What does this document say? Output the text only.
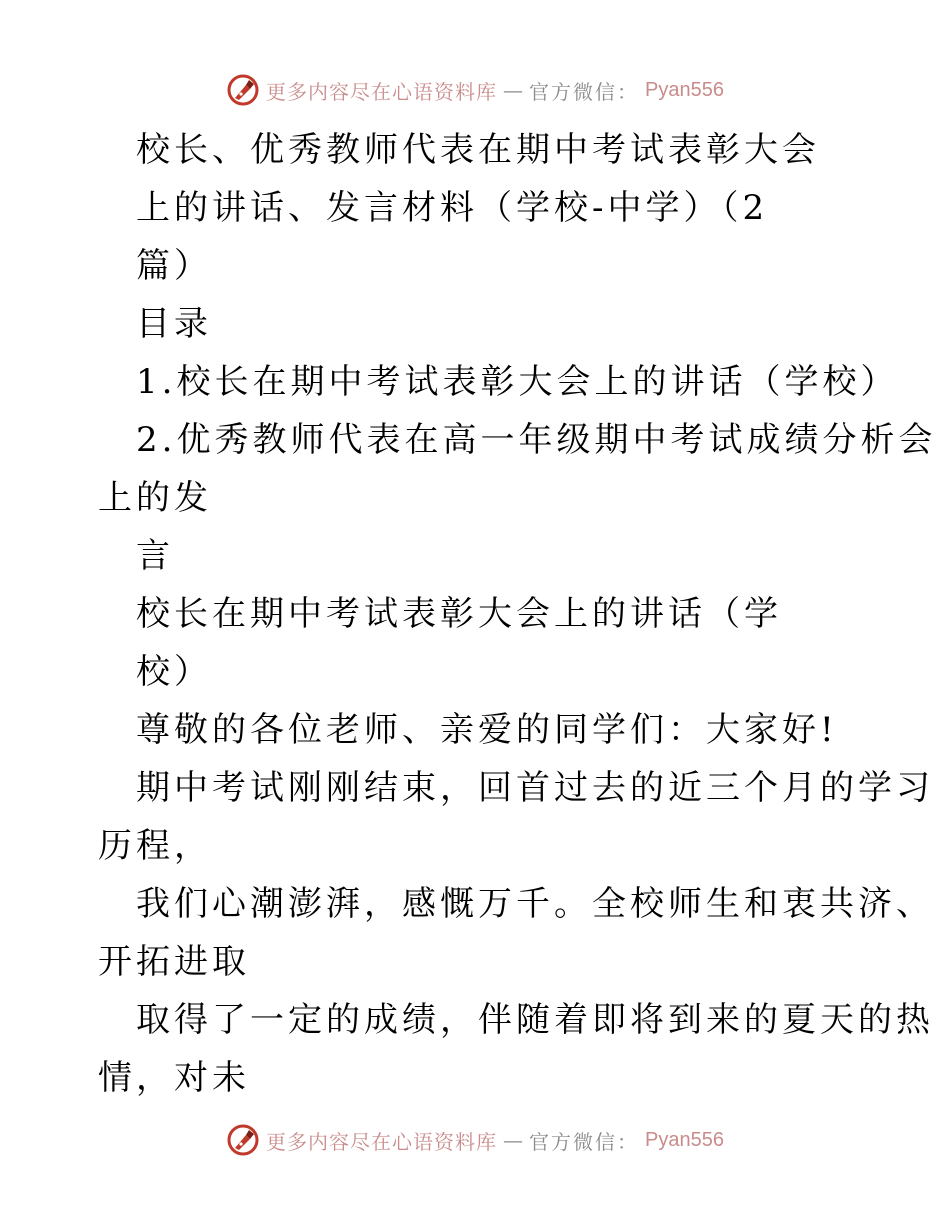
更多内容尽在心语资料库 — 官方微信： Pyan556
校长、优秀教师代表在期中考试表彰大会
上的讲话、发言材料（学校-中学）（2
篇）
目录
1.校长在期中考试表彰大会上的讲话（学校）
2.优秀教师代表在高一年级期中考试成绩分析会
上的发
言
校长在期中考试表彰大会上的讲话（学
校）
尊敬的各位老师、亲爱的同学们：大家好!
期中考试刚刚结束，回首过去的近三个月的学习
历程，
我们心潮澎湃，感慨万千。全校师生和衷共济、
开拓进取
取得了一定的成绩，伴随着即将到来的夏天的热
情，对未
更多内容尽在心语资料库 — 官方微信： Pyan556
